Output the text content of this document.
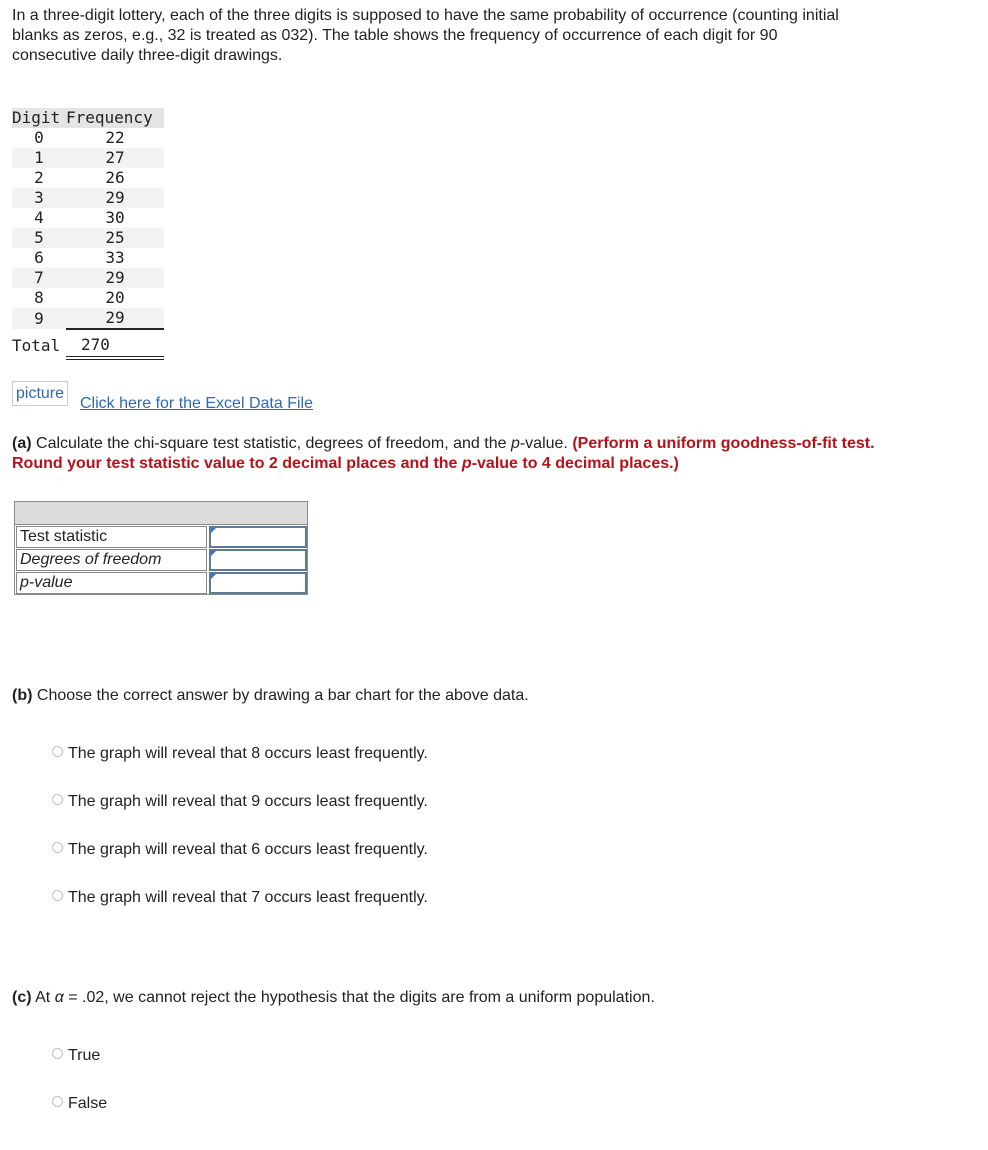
In a three-digit lottery, each of the three digits is supposed to have the same probability of occurrence (counting initial
blanks as zeros, e.g., 32 is treated as 032). The table shows the frequency of occurrence of each digit for 90
consecutive daily three-digit drawings.
Digit	Frequency
0	22
1	27
2	26
3	29
4	30
5	25
6	33
7	29
8	20
9	29
Total	270
picture
Click here for the Excel Data File
(a) Calculate the chi-square test statistic, degrees of freedom, and the p-value. (Perform a uniform goodness-of-fit test.
Round your test statistic value to 2 decimal places and the p-value to 4 decimal places.)
Test statistic
Degrees of freedom
p-value
(b) Choose the correct answer by drawing a bar chart for the above data.
The graph will reveal that 8 occurs least frequently.
The graph will reveal that 9 occurs least frequently.
The graph will reveal that 6 occurs least frequently.
The graph will reveal that 7 occurs least frequently.
(c) At α = .02, we cannot reject the hypothesis that the digits are from a uniform population.
True
False
